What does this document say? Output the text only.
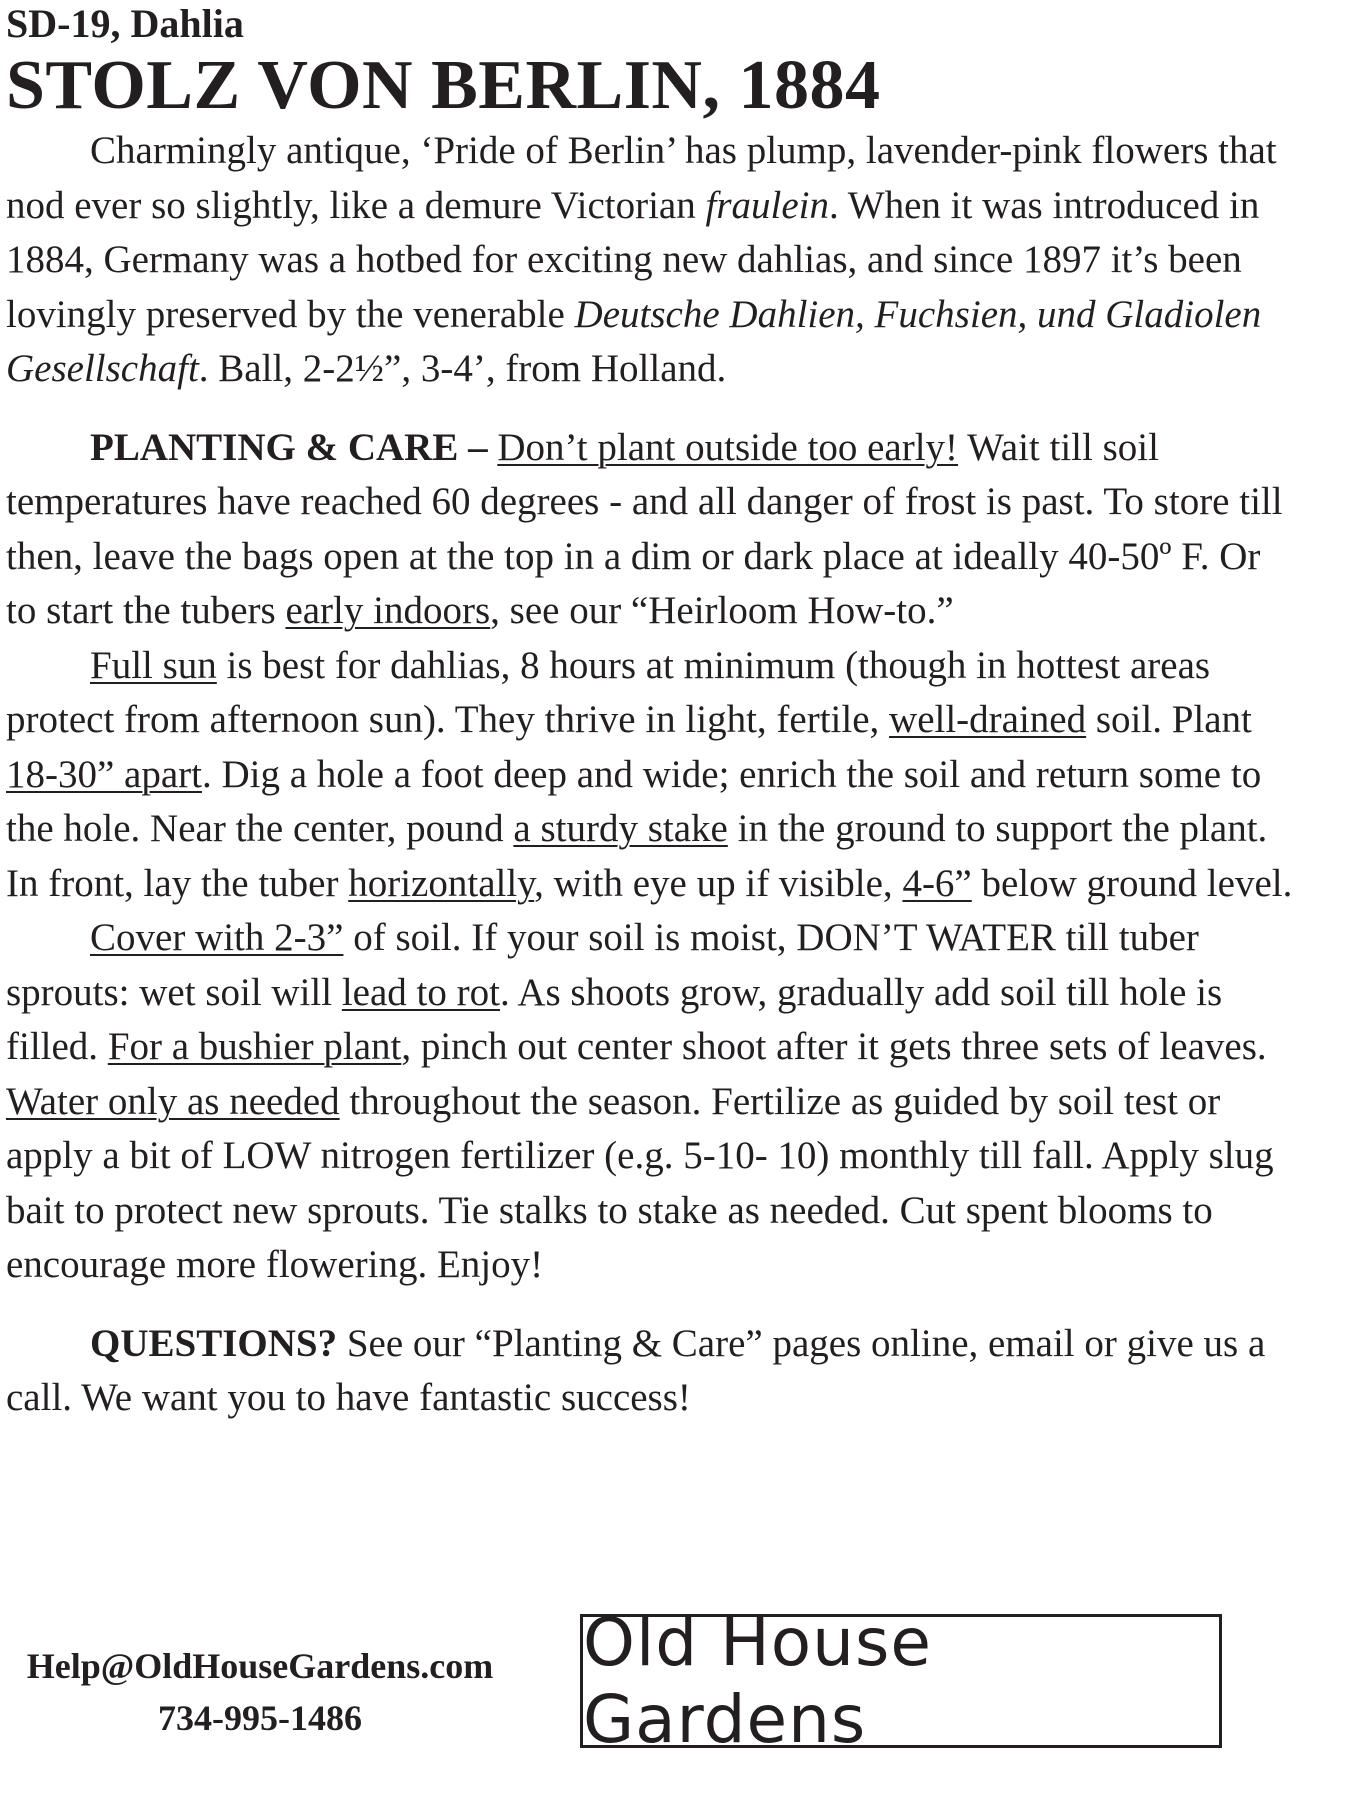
SD-19, Dahlia

STOLZ VON BERLIN, 1884

Charmingly antique, ‘Pride of Berlin’ has plump, lavender-pink flowers that nod ever so slightly, like a demure Victorian fraulein. When it was introduced in 1884, Germany was a hotbed for exciting new dahlias, and since 1897 it’s been lovingly preserved by the venerable Deutsche Dahlien, Fuchsien, und Gladiolen Gesellschaft. Ball, 2-2½”, 3-4’, from Holland.

PLANTING & CARE – Don’t plant outside too early! Wait till soil temperatures have reached 60 degrees - and all danger of frost is past. To store till then, leave the bags open at the top in a dim or dark place at ideally 40-50º F. Or to start the tubers early indoors, see our “Heirloom How-to.”

Full sun is best for dahlias, 8 hours at minimum (though in hottest areas protect from afternoon sun). They thrive in light, fertile, well-drained soil. Plant 18-30” apart. Dig a hole a foot deep and wide; enrich the soil and return some to the hole. Near the center, pound a sturdy stake in the ground to support the plant. In front, lay the tuber horizontally, with eye up if visible, 4-6” below ground level.

Cover with 2-3” of soil. If your soil is moist, DON’T WATER till tuber sprouts: wet soil will lead to rot. As shoots grow, gradually add soil till hole is filled. For a bushier plant, pinch out center shoot after it gets three sets of leaves. Water only as needed throughout the season. Fertilize as guided by soil test or apply a bit of LOW nitrogen fertilizer (e.g. 5-10- 10) monthly till fall. Apply slug bait to protect new sprouts. Tie stalks to stake as needed. Cut spent blooms to encourage more flowering. Enjoy!

QUESTIONS? See our “Planting & Care” pages online, email or give us a call. We want you to have fantastic success!

Help@OldHouseGardens.com
734-995-1486
Old House Gardens
